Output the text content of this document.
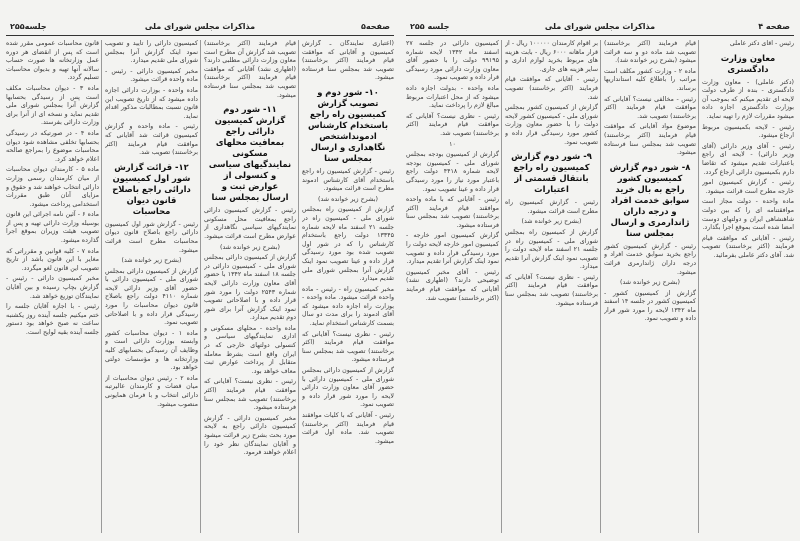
صفحه۵
مذاکرات مجلس شورای ملی
جلسه۲۵۵

(اعتباری نمایندگان ـ گزارش کمیسیون و آقایانی که موافقت قیام فرمایند (اکثر برخاستند) تصویب شد بمجلس سنا فرستاده میشود.

۱۰- شور دوم و تصویب گزارش کمیسیون راه راجع باستخدام کارشناس ادمونداشتخص نگاهداری و ارسال بمجلس سنا

رئیس - گزارش کمیسیون راه راجع باستخدام آقای کارشناس ادموند مطرح است قرائت میشود.

(بشرح زیر خوانده شد)

گزارش از کمیسیون راه بمجلس شورای ملی - کمیسیون راه در جلسه ۲۱ اسفند ماه لایحه شماره ۱۳۳۴۵ دولت راجع باستخدام کارشناس را که در شور اول تصویب شده بود مورد رسیدگی قرار داده و عینا تصویب نمود اینک گزارش آنرا بمجلس شورای ملی تقدیم میدارد.

مخبر کمیسیون راه - رئیس - ماده واحده قرائت میشود. ماده واحده - بوزارت راه اجازه داده میشود که آقای ادموند را برای مدت دو سال بسمت کارشناس استخدام نماید.

رئیس - نظری نیست؟ آقایانی که موافقت قیام فرمایند (اکثر برخاستند) تصویب شد بمجلس سنا فرستاده میشود.

گزارش از کمیسیون دارائی بمجلس شورای ملی - کمیسیون دارائی با حضور آقای معاون وزارت دارائی لایحه را مورد شور قرار داده و تصویب نمود.

رئیس - آقایانی که با کلیات موافقند قیام فرمایند (اکثر برخاستند) تصویب شد. ماده اول قرائت میشود.

قیام فرمایند (اکثر برخاستند) تصویب شد گزارش آن مطرح است معاون وزارت دارائی مطلبی دارند؟ (اظهاری نشد) آقایانی که موافقت قیام فرمایند (اکثر برخاستند) تصویب شد بمجلس سنا فرستاده میشود.

۱۱- شور دوم گزارش کمیسیون دارائی راجع بمعافیت محلهای مسکونی نمایندگیهای سیاسی و کنسولی از عوارض ثبت و ارسال بمجلس سنا

رئیس - گزارش کمیسیون دارائی راجع بمعافیت محل مسکونی نمایندگیهای سیاسی نگاهداری از عوارض مطرح است قرائت میشود.

(بشرح زیر خوانده شد)

گزارش از کمیسیون دارائی بمجلس شورای ملی - کمیسیون دارائی در جلسه ۱۸ اسفند ماه ۱۳۴۲ با حضور آقای معاون وزارت دارائی لایحه شماره ۲۵۴۳ دولت را مورد شور قرار داده و با اصلاحاتی تصویب نمود اینک گزارش آنرا برای شور دوم تقدیم میدارد.

ماده واحده - محلهای مسکونی و اداری نمایندگیهای سیاسی و کنسولی دولتهای خارجی که در ایران واقع است بشرط معامله متقابل از پرداخت عوارض ثبت معاف خواهد بود.

رئیس - نظری نیست؟ آقایانی که موافقت قیام فرمایند (اکثر برخاستند) تصویب شد بمجلس سنا فرستاده میشود.

مخبر کمیسیون دارائی - گزارش کمیسیون دارائی راجع به لایحه مورد بحث بشرح زیر قرائت میشود و آقایان نمایندگان نظر خود را اعلام خواهند فرمود.

کمیسیون دارائی را تأیید و تصویب نمود اینک گزارش آنرا بمجلس شورای ملی تقدیم میدارد.

مخبر کمیسیون دارائی - رئیس - ماده واحده قرائت میشود.

ماده واحده - بوزارت دارائی اجازه داده میشود که از تاریخ تصویب این قانون نسبت بمطالبات مذکور اقدام نماید.

رئیس - ماده واحده و گزارش کمیسیون قرائت شد آقایانی که موافقت قیام فرمایند (اکثر برخاستند) تصویب شد.

۱۲- قرائت گزارش شور اول کمیسیون دارائی راجع باصلاح قانون دیوان محاسبات

رئیس - گزارش شور اول کمیسیون دارائی راجع باصلاح قانون دیوان محاسبات مطرح است قرائت میشود.

(بشرح زیر خوانده شد)

گزارش از کمیسیون دارائی بمجلس شورای ملی - کمیسیون دارائی با حضور آقای وزیر دارائی لایحه شماره ۴۱۱۰ دولت راجع باصلاح قانون دیوان محاسبات را مورد رسیدگی قرار داده و با اصلاحاتی تصویب نمود.

ماده ۱ - دیوان محاسبات کشور وابسته بوزارت دارائی است و وظایف آن رسیدگی بحسابهای کلیه وزارتخانه ها و مؤسسات دولتی خواهد بود.

ماده ۲ - رئیس دیوان محاسبات از میان قضات و کارمندان عالیرتبه دارائی انتخاب و با فرمان همایونی منصوب میشود.

قانون محاسبات عمومی مقرر شده است که پس از انقضای هر دوره عمل وزارتخانه ها صورت حساب سالانه آنها تهیه و بدیوان محاسبات تسلیم گردد.

ماده ۳ - دیوان محاسبات مکلف است پس از رسیدگی بحسابها گزارش آنرا بمجلس شورای ملی تقدیم نماید و نسخه ای از آنرا برای وزارت دارائی بفرستد.

ماده ۴ - در صورتیکه در رسیدگی بحسابها تخلفی مشاهده شود دیوان محاسبات موضوع را بمراجع صالحه اعلام خواهد کرد.

ماده ۵ - کارمندان دیوان محاسبات از میان کارمندان رسمی وزارت دارائی انتخاب خواهند شد و حقوق و مزایای آنان طبق مقررات استخدامی پرداخت میشود.

ماده ۶ - آئین نامه اجرائی این قانون بوسیله وزارت دارائی تهیه و پس از تصویب هیئت وزیران بموقع اجرا گذارده میشود.

ماده ۷ - کلیه قوانین و مقرراتی که مغایر با این قانون باشد از تاریخ تصویب این قانون لغو میگردد.

مخبر کمیسیون دارائی - رئیس - گزارش بچاپ رسیده و بین آقایان نمایندگان توزیع خواهد شد.

رئیس - با اجازه آقایان جلسه را ختم میکنیم جلسه آینده روز یکشنبه ساعت نه صبح خواهد بود دستور جلسه آینده بقیه لوایح است.

صفحه ۴
مذاکرات مجلس شورای ملی
جلسه ۲۵۵

رئیس - آقای دکتر عاملی

معاون وزارت دادگستری

(دکتر عاملی) - معاون وزارت دادگستری - بنده از طرف دولت لایحه ای تقدیم میکنم که بموجب آن بوزارت دادگستری اجازه داده میشود مقررات لازم را تهیه نماید.

رئیس - لایحه بکمیسیون مربوط ارجاع میشود.

رئیس - آقای وزیر دارائی (آقای وزیر دارائی) - لایحه ای راجع باعتبارات تقدیم میشود که تقاضا دارم بکمیسیون دارائی ارجاع گردد.

رئیس - گزارش کمیسیون امور خارجه مطرح است قرائت میشود.

ماده واحده - دولت مجاز است موافقتنامه ای را که بین دولت شاهنشاهی ایران و دولتهای دوست امضا شده است بموقع اجرا بگذارد.

رئیس - آقایانی که موافقت قیام فرمایند (اکثر برخاستند) تصویب شد. آقای دکتر عاملی بفرمائید.

قیام فرمایند (اکثر برخاستند) تصویب شد ماده دو و سه قرائت میشود (بشرح زیر خوانده شد).

ماده ۲ - وزارت کشور مکلف است مراتب را باطلاع کلیه استانداریها برساند.

رئیس - مخالفی نیست؟ آقایانی که موافقت قیام فرمایند (اکثر برخاستند) تصویب شد.

موضوع مواد آقایانی که موافقت قیام فرمایند (اکثر برخاستند) تصویب شد بمجلس سنا فرستاده میشود.

۸- شور دوم گزارش کمیسیون کشور راجع به بال خرید سوابق خدمت افراد و درجه داران ژاندارمری و ارسال بمجلس سنا

رئیس - گزارش کمیسیون کشور راجع بخرید سوابق خدمت افراد و درجه داران ژاندارمری قرائت میشود.

(بشرح زیر خوانده شد)

گزارش از کمیسیون کشور - کمیسیون کشور در جلسه ۱۴ اسفند ماه ۱۳۴۲ لایحه را مورد شور قرار داده و تصویب نمود.

بر اقوام کارمندان ۱۰۰۰۰۰ ریال - از قرار ماهانه ۶۰۰۰ ریال - بابت هزینه های مربوط بخرید لوازم اداری و سایر هزینه های جاری.

رئیس - آقایانی که موافقت قیام فرمایند (اکثر برخاستند) تصویب شد.

گزارش از کمیسیون کشور بمجلس شورای ملی - کمیسیون کشور لایحه دولت را با حضور معاون وزارت کشور مورد رسیدگی قرار داده و تصویب نمود.

۹- شور دوم گزارش کمیسیون راه راجع بانتقال قسمتی از اعتبارات

رئیس - گزارش کمیسیون راه مطرح است قرائت میشود.

(بشرح زیر خوانده شد)

گزارش از کمیسیون راه بمجلس شورای ملی - کمیسیون راه در جلسه ۲۱ اسفند ماه لایحه دولت را تصویب نمود اینک گزارش آنرا تقدیم میدارد.

رئیس - نظری نیست؟ آقایانی که موافقت قیام فرمایند (اکثر برخاستند) تصویب شد بمجلس سنا فرستاده میشود.

کمیسیون دارائی در جلسه ۲۷ اسفند ماه ۱۳۴۲ لایحه شماره ۹۹۱۹۵ دولت را با حضور آقای معاون وزارت دارائی مورد رسیدگی قرار داده و تصویب نمود.

ماده واحده - بدولت اجازه داده میشود که از محل اعتبارات مربوط مبالغ لازم را پرداخت نماید.

رئیس - نظری نیست؟ آقایانی که موافقت قیام فرمایند (اکثر برخاستند) تصویب شد.

۱۰

گزارش از کمیسیون بودجه بمجلس شورای ملی - کمیسیون بودجه لایحه شماره ۴۴۱۸ دولت راجع باعتبار مورد نیاز را مورد رسیدگی قرار داده و عینا تصویب نمود.

رئیس - آقایانی که با ماده واحده موافقند قیام فرمایند (اکثر برخاستند) تصویب شد بمجلس سنا فرستاده میشود.

گزارش کمیسیون امور خارجه - کمیسیون امور خارجه لایحه دولت را مورد رسیدگی قرار داده و تصویب نمود اینک گزارش آنرا تقدیم میدارد.

رئیس - آقای مخبر کمیسیون توضیحی دارند؟ (اظهاری نشد) آقایانی که موافقت قیام فرمایند (اکثر برخاستند) تصویب شد.
